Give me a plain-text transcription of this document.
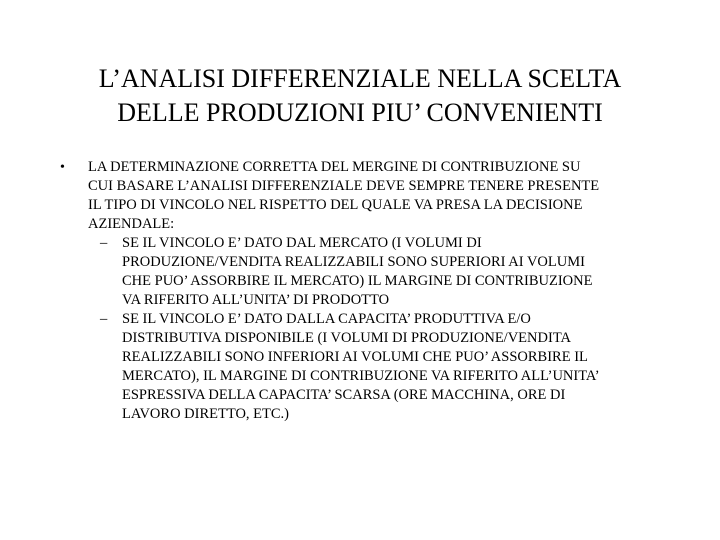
L’ANALISI DIFFERENZIALE NELLA SCELTA
DELLE PRODUZIONI PIU’ CONVENIENTI
• LA DETERMINAZIONE CORRETTA DEL MERGINE DI CONTRIBUZIONE SU
CUI BASARE L’ANALISI DIFFERENZIALE DEVE SEMPRE TENERE PRESENTE
IL TIPO DI VINCOLO NEL RISPETTO DEL QUALE VA PRESA LA DECISIONE
AZIENDALE:
– SE IL VINCOLO E’ DATO DAL MERCATO (I VOLUMI DI
PRODUZIONE/VENDITA REALIZZABILI SONO SUPERIORI AI VOLUMI
CHE PUO’ ASSORBIRE IL MERCATO) IL MARGINE DI CONTRIBUZIONE
VA RIFERITO ALL’UNITA’ DI PRODOTTO
– SE IL VINCOLO E’ DATO DALLA CAPACITA’ PRODUTTIVA E/O
DISTRIBUTIVA DISPONIBILE (I VOLUMI DI PRODUZIONE/VENDITA
REALIZZABILI SONO INFERIORI AI VOLUMI CHE PUO’ ASSORBIRE IL
MERCATO), IL MARGINE DI CONTRIBUZIONE VA RIFERITO ALL’UNITA’
ESPRESSIVA DELLA CAPACITA’ SCARSA (ORE MACCHINA, ORE DI
LAVORO DIRETTO, ETC.)
